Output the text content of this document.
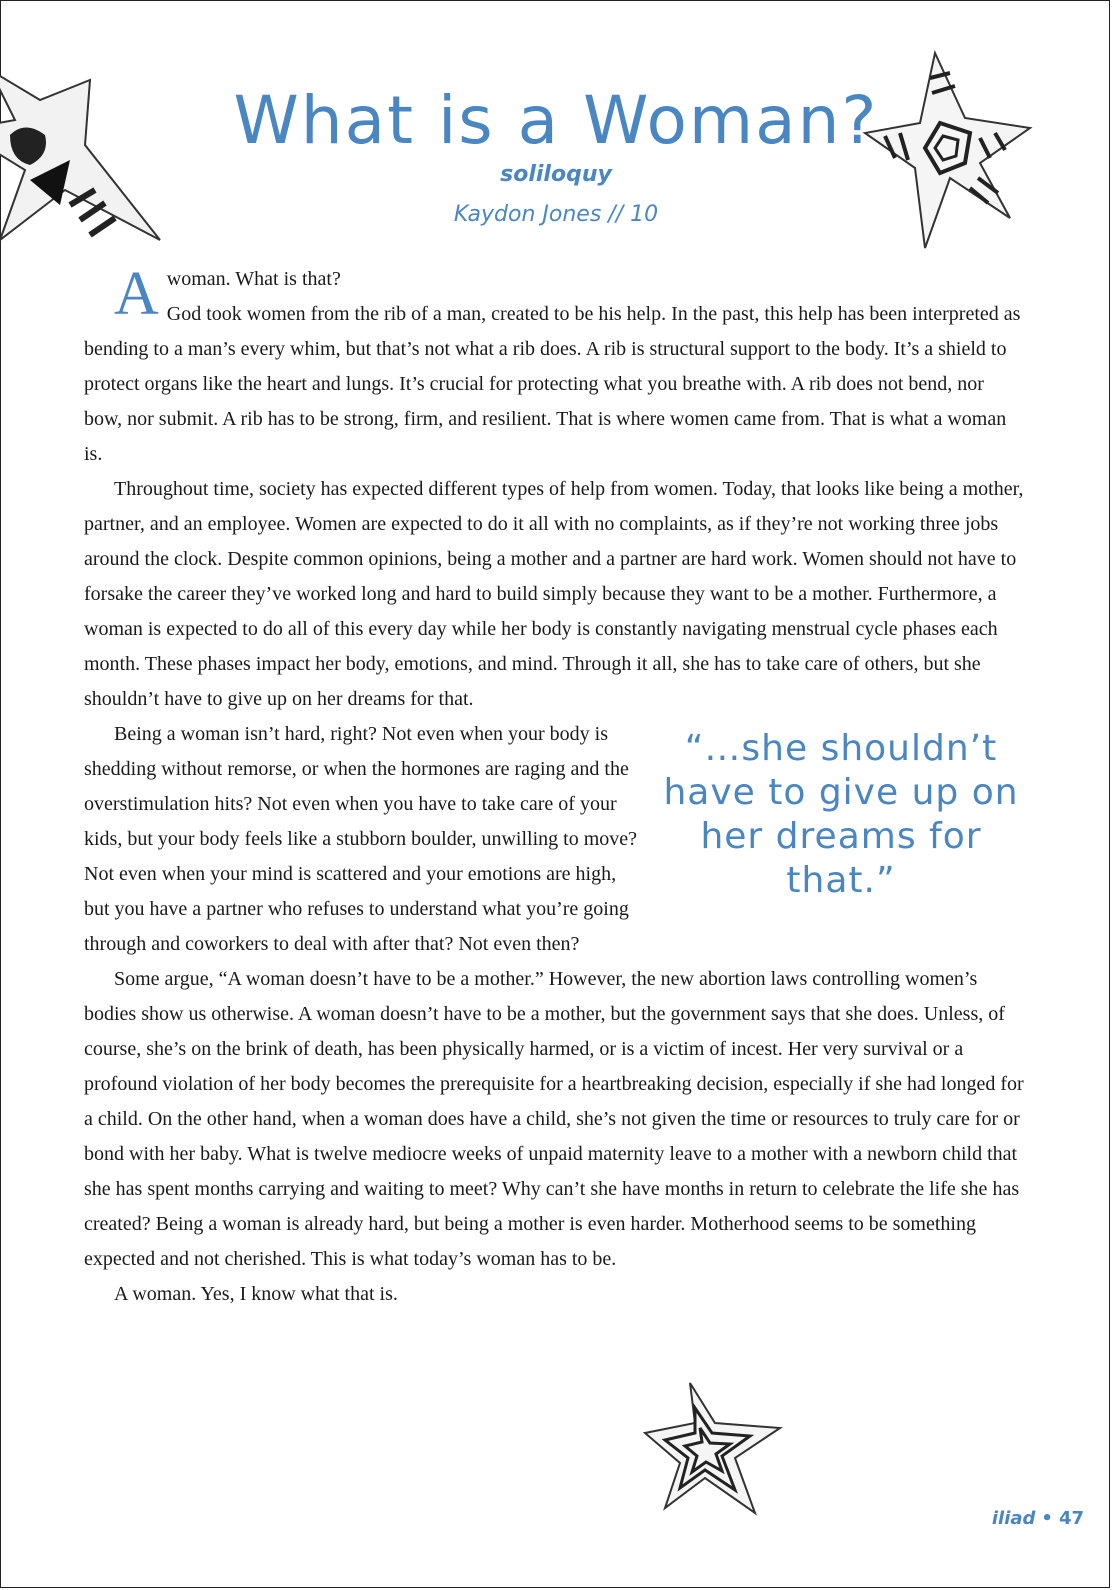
What is a Woman?
soliloquy
Kaydon Jones // 10

Awoman. What is that?

God took women from the rib of a man, created to be his help. In the past, this help has been interpreted as bending to a man’s every whim, but that’s not what a rib does. A rib is structural support to the body. It’s a shield to protect organs like the heart and lungs. It’s crucial for protecting what you breathe with. A rib does not bend, nor bow, nor submit. A rib has to be strong, firm, and resilient. That is where women came from. That is what a woman is.

Throughout time, society has expected different types of help from women. Today, that looks like being a mother, partner, and an employee. Women are expected to do it all with no complaints, as if they’re not working three jobs around the clock. Despite common opinions, being a mother and a partner are hard work. Women should not have to forsake the career they’ve worked long and hard to build simply because they want to be a mother. Furthermore, a woman is expected to do all of this every day while her body is constantly navigating menstrual cycle phases each month. These phases impact her body, emotions, and mind. Through it all, she has to take care of others, but she shouldn’t have to give up on her dreams for that.

“…she shouldn’t have to give up on her dreams for that.”

Being a woman isn’t hard, right? Not even when your body is shedding without remorse, or when the hormones are raging and the overstimulation hits? Not even when you have to take care of your kids, but your body feels like a stubborn boulder, unwilling to move? Not even when your mind is scattered and your emotions are high, but you have a partner who refuses to understand what you’re going through and coworkers to deal with after that? Not even then?

Some argue, “A woman doesn’t have to be a mother.” However, the new abortion laws controlling women’s bodies show us otherwise. A woman doesn’t have to be a mother, but the government says that she does. Unless, of course, she’s on the brink of death, has been physically harmed, or is a victim of incest. Her very survival or a profound violation of her body becomes the prerequisite for a heartbreaking decision, especially if she had longed for a child. On the other hand, when a woman does have a child, she’s not given the time or resources to truly care for or bond with her baby. What is twelve mediocre weeks of unpaid maternity leave to a mother with a newborn child that she has spent months carrying and waiting to meet? Why can’t she have months in return to celebrate the life she has created? Being a woman is already hard, but being a mother is even harder. Motherhood seems to be something expected and not cherished. This is what today’s woman has to be.

A woman. Yes, I know what that is.

iliad • 47
